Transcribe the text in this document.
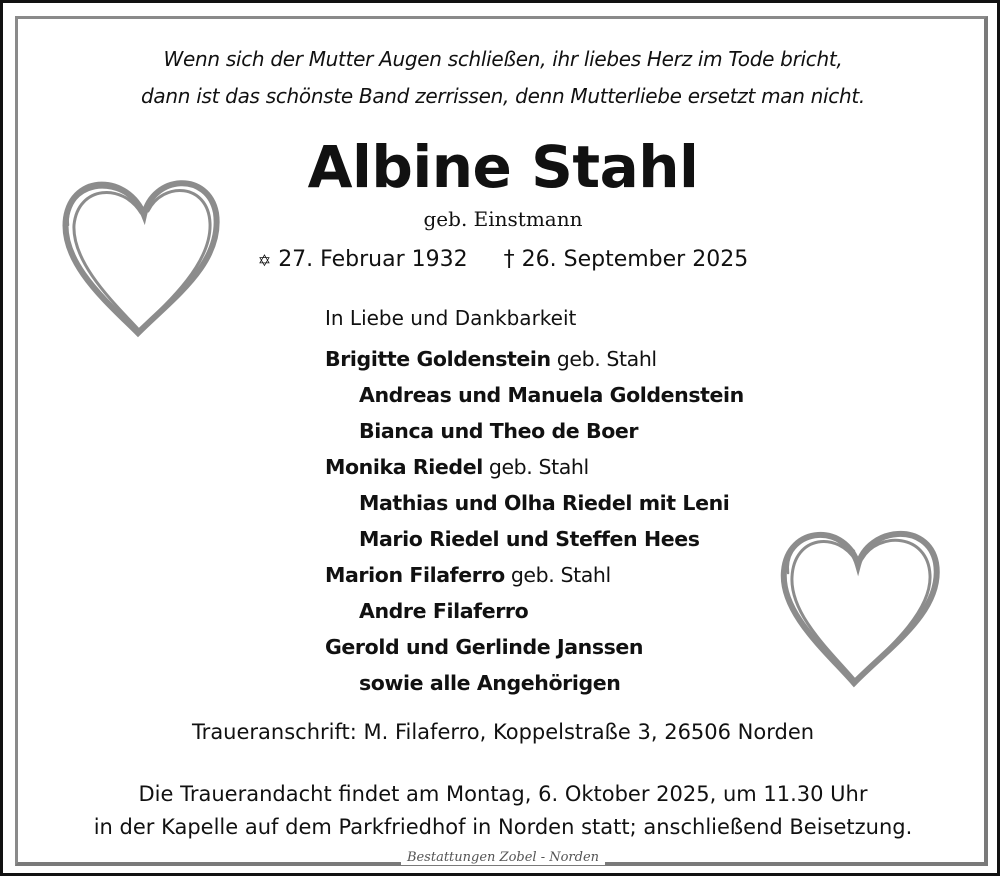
Wenn sich der Mutter Augen schließen, ihr liebes Herz im Tode bricht,
dann ist das schönste Band zerrissen, denn Mutterliebe ersetzt man nicht.
Albine Stahl
geb. Einstmann
✡ 27. Februar 1932 † 26. September 2025
In Liebe und Dankbarkeit
Brigitte Goldenstein geb. Stahl
Andreas und Manuela Goldenstein
Bianca und Theo de Boer
Monika Riedel geb. Stahl
Mathias und Olha Riedel mit Leni
Mario Riedel und Steffen Hees
Marion Filaferro geb. Stahl
Andre Filaferro
Gerold und Gerlinde Janssen
sowie alle Angehörigen
Traueranschrift: M. Filaferro, Koppelstraße 3, 26506 Norden
Die Trauerandacht findet am Montag, 6. Oktober 2025, um 11.30 Uhr
in der Kapelle auf dem Parkfriedhof in Norden statt; anschließend Beisetzung.
Bestattungen Zobel - Norden
